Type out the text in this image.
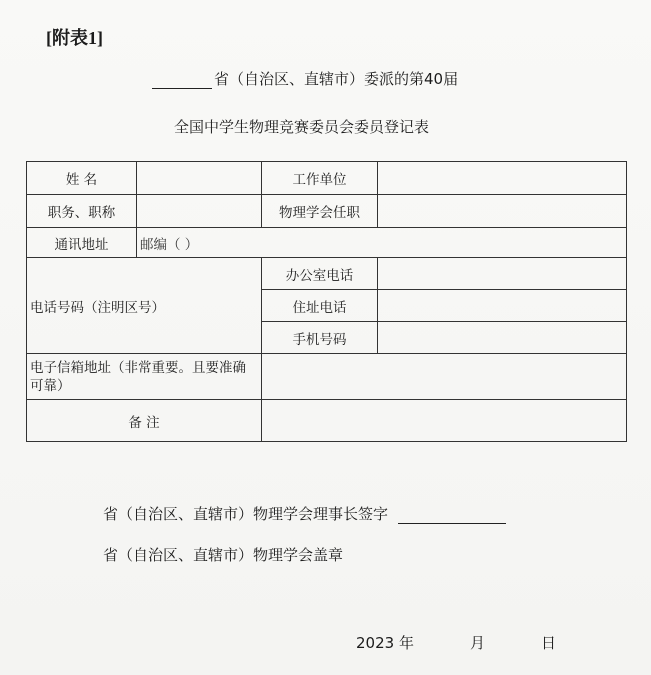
[附表1]
省（自治区、直辖市）委派的第40届
全国中学生物理竞赛委员会委员登记表
姓 名		工作单位	
职务、职称		物理学会任职	
通讯地址	邮编（ ）		
电话号码（注明区号）		办公室电话	
		住址电话	
		手机号码	
电子信箱地址（非常重要。且要准确可靠）			
备 注			
省（自治区、直辖市）物理学会理事长签字
省（自治区、直辖市）物理学会盖章
2023 年	月	日
